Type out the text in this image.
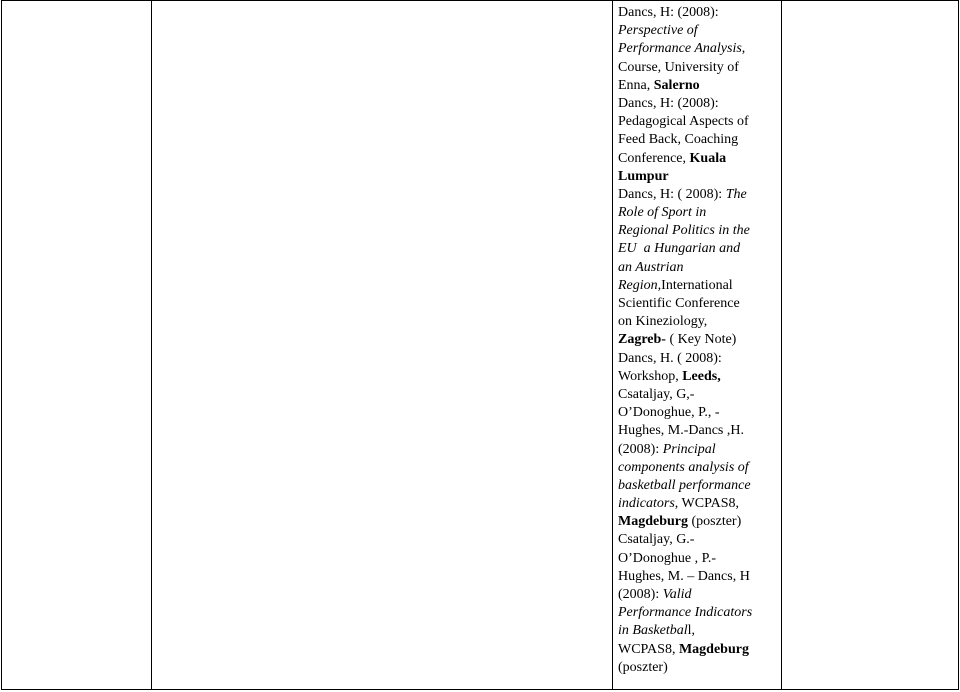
Dancs, H: (2008):
Perspective of
Performance Analysis,
Course, University of
Enna, Salerno
Dancs, H: (2008):
Pedagogical Aspects of
Feed Back, Coaching
Conference, Kuala
Lumpur
Dancs, H: ( 2008): The
Role of Sport in
Regional Politics in the
EU  a Hungarian and
an Austrian
Region,International
Scientific Conference
on Kineziology,
Zagreb- ( Key Note)
Dancs, H. ( 2008):
Workshop, Leeds,
Csataljay, G,-
O’Donoghue, P., -
Hughes, M.-Dancs ,H.
(2008): Principal
components analysis of
basketball performance
indicators, WCPAS8,
Magdeburg (poszter)
Csataljay, G.-
O’Donoghue , P.-
Hughes, M. – Dancs, H
(2008): Valid
Performance Indicators
in Basketball,
WCPAS8, Magdeburg
(poszter)
